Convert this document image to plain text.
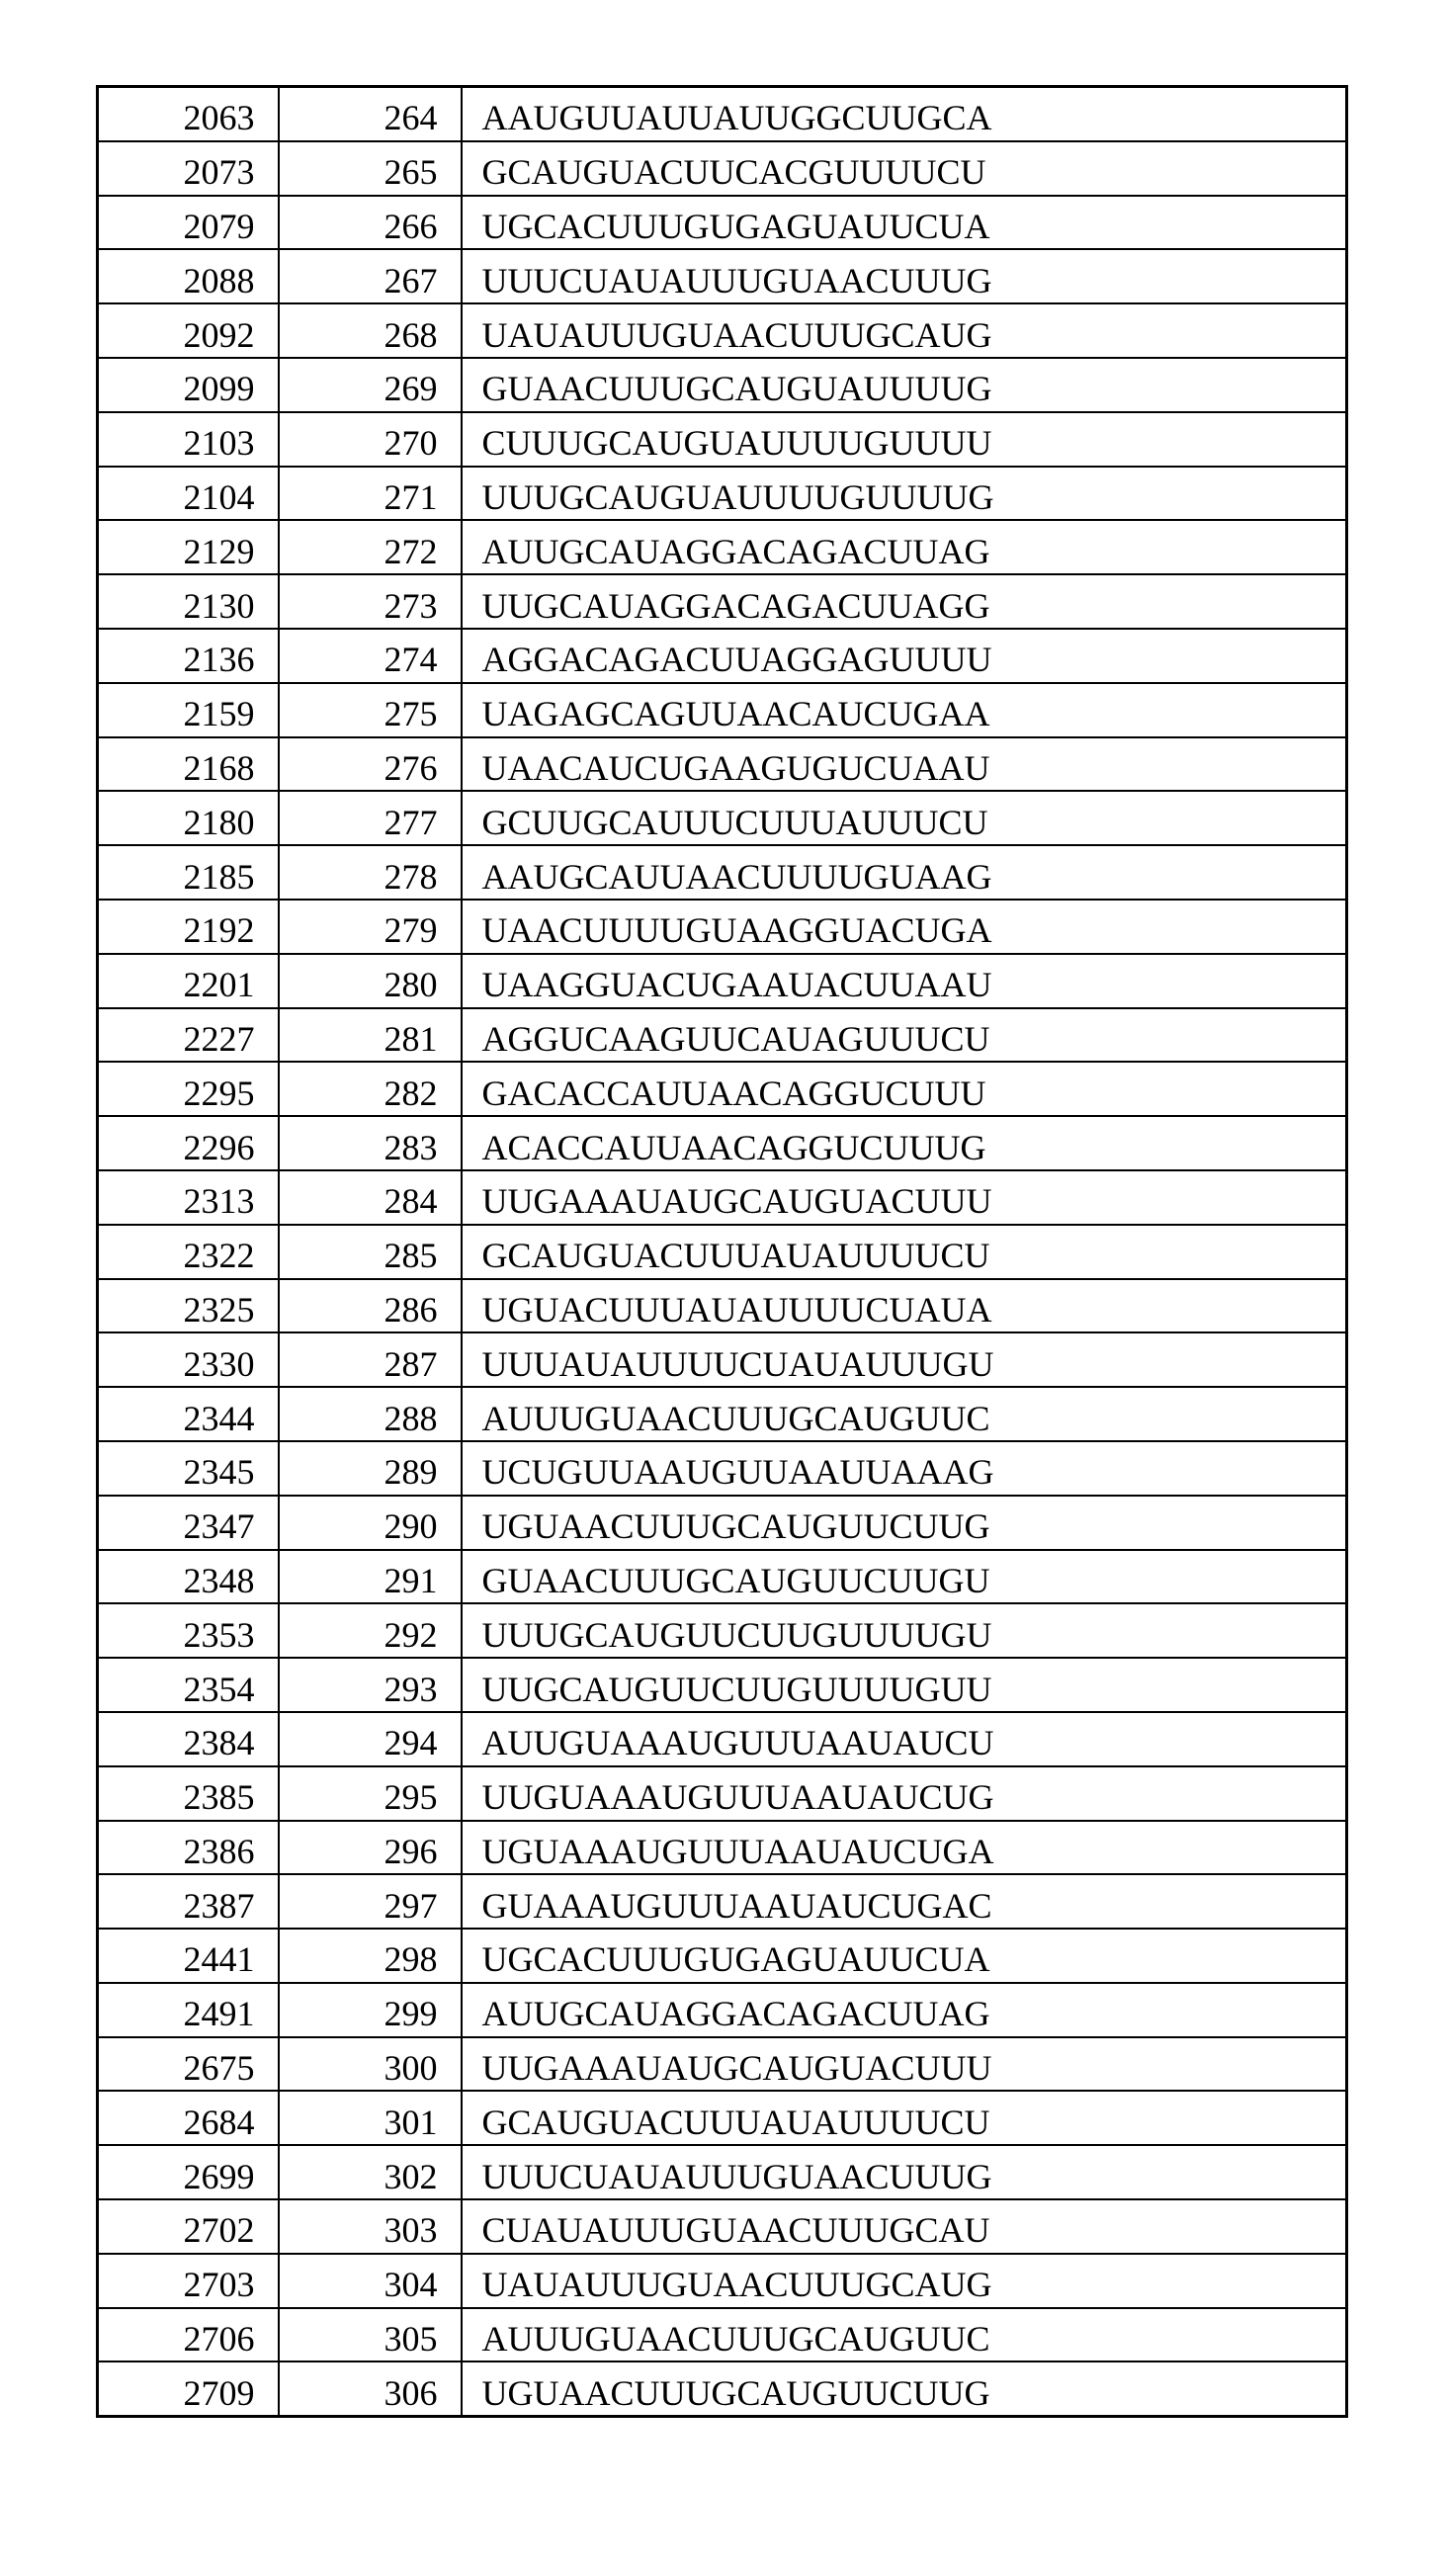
2063	264	AAUGUUAUUAUUGGCUUGCA
2073	265	GCAUGUACUUCACGUUUUCU
2079	266	UGCACUUUGUGAGUAUUCUA
2088	267	UUUCUAUAUUUGUAACUUUG
2092	268	UAUAUUUGUAACUUUGCAUG
2099	269	GUAACUUUGCAUGUAUUUUG
2103	270	CUUUGCAUGUAUUUUGUUUU
2104	271	UUUGCAUGUAUUUUGUUUUG
2129	272	AUUGCAUAGGACAGACUUAG
2130	273	UUGCAUAGGACAGACUUAGG
2136	274	AGGACAGACUUAGGAGUUUU
2159	275	UAGAGCAGUUAACAUCUGAA
2168	276	UAACAUCUGAAGUGUCUAAU
2180	277	GCUUGCAUUUCUUUAUUUCU
2185	278	AAUGCAUUAACUUUUGUAAG
2192	279	UAACUUUUGUAAGGUACUGA
2201	280	UAAGGUACUGAAUACUUAAU
2227	281	AGGUCAAGUUCAUAGUUUCU
2295	282	GACACCAUUAACAGGUCUUU
2296	283	ACACCAUUAACAGGUCUUUG
2313	284	UUGAAAUAUGCAUGUACUUU
2322	285	GCAUGUACUUUAUAUUUUCU
2325	286	UGUACUUUAUAUUUUCUAUA
2330	287	UUUAUAUUUUCUAUAUUUGU
2344	288	AUUUGUAACUUUGCAUGUUC
2345	289	UCUGUUAAUGUUAAUUAAAG
2347	290	UGUAACUUUGCAUGUUCUUG
2348	291	GUAACUUUGCAUGUUCUUGU
2353	292	UUUGCAUGUUCUUGUUUUGU
2354	293	UUGCAUGUUCUUGUUUUGUU
2384	294	AUUGUAAAUGUUUAAUAUCU
2385	295	UUGUAAAUGUUUAAUAUCUG
2386	296	UGUAAAUGUUUAAUAUCUGA
2387	297	GUAAAUGUUUAAUAUCUGAC
2441	298	UGCACUUUGUGAGUAUUCUA
2491	299	AUUGCAUAGGACAGACUUAG
2675	300	UUGAAAUAUGCAUGUACUUU
2684	301	GCAUGUACUUUAUAUUUUCU
2699	302	UUUCUAUAUUUGUAACUUUG
2702	303	CUAUAUUUGUAACUUUGCAU
2703	304	UAUAUUUGUAACUUUGCAUG
2706	305	AUUUGUAACUUUGCAUGUUC
2709	306	UGUAACUUUGCAUGUUCUUG
